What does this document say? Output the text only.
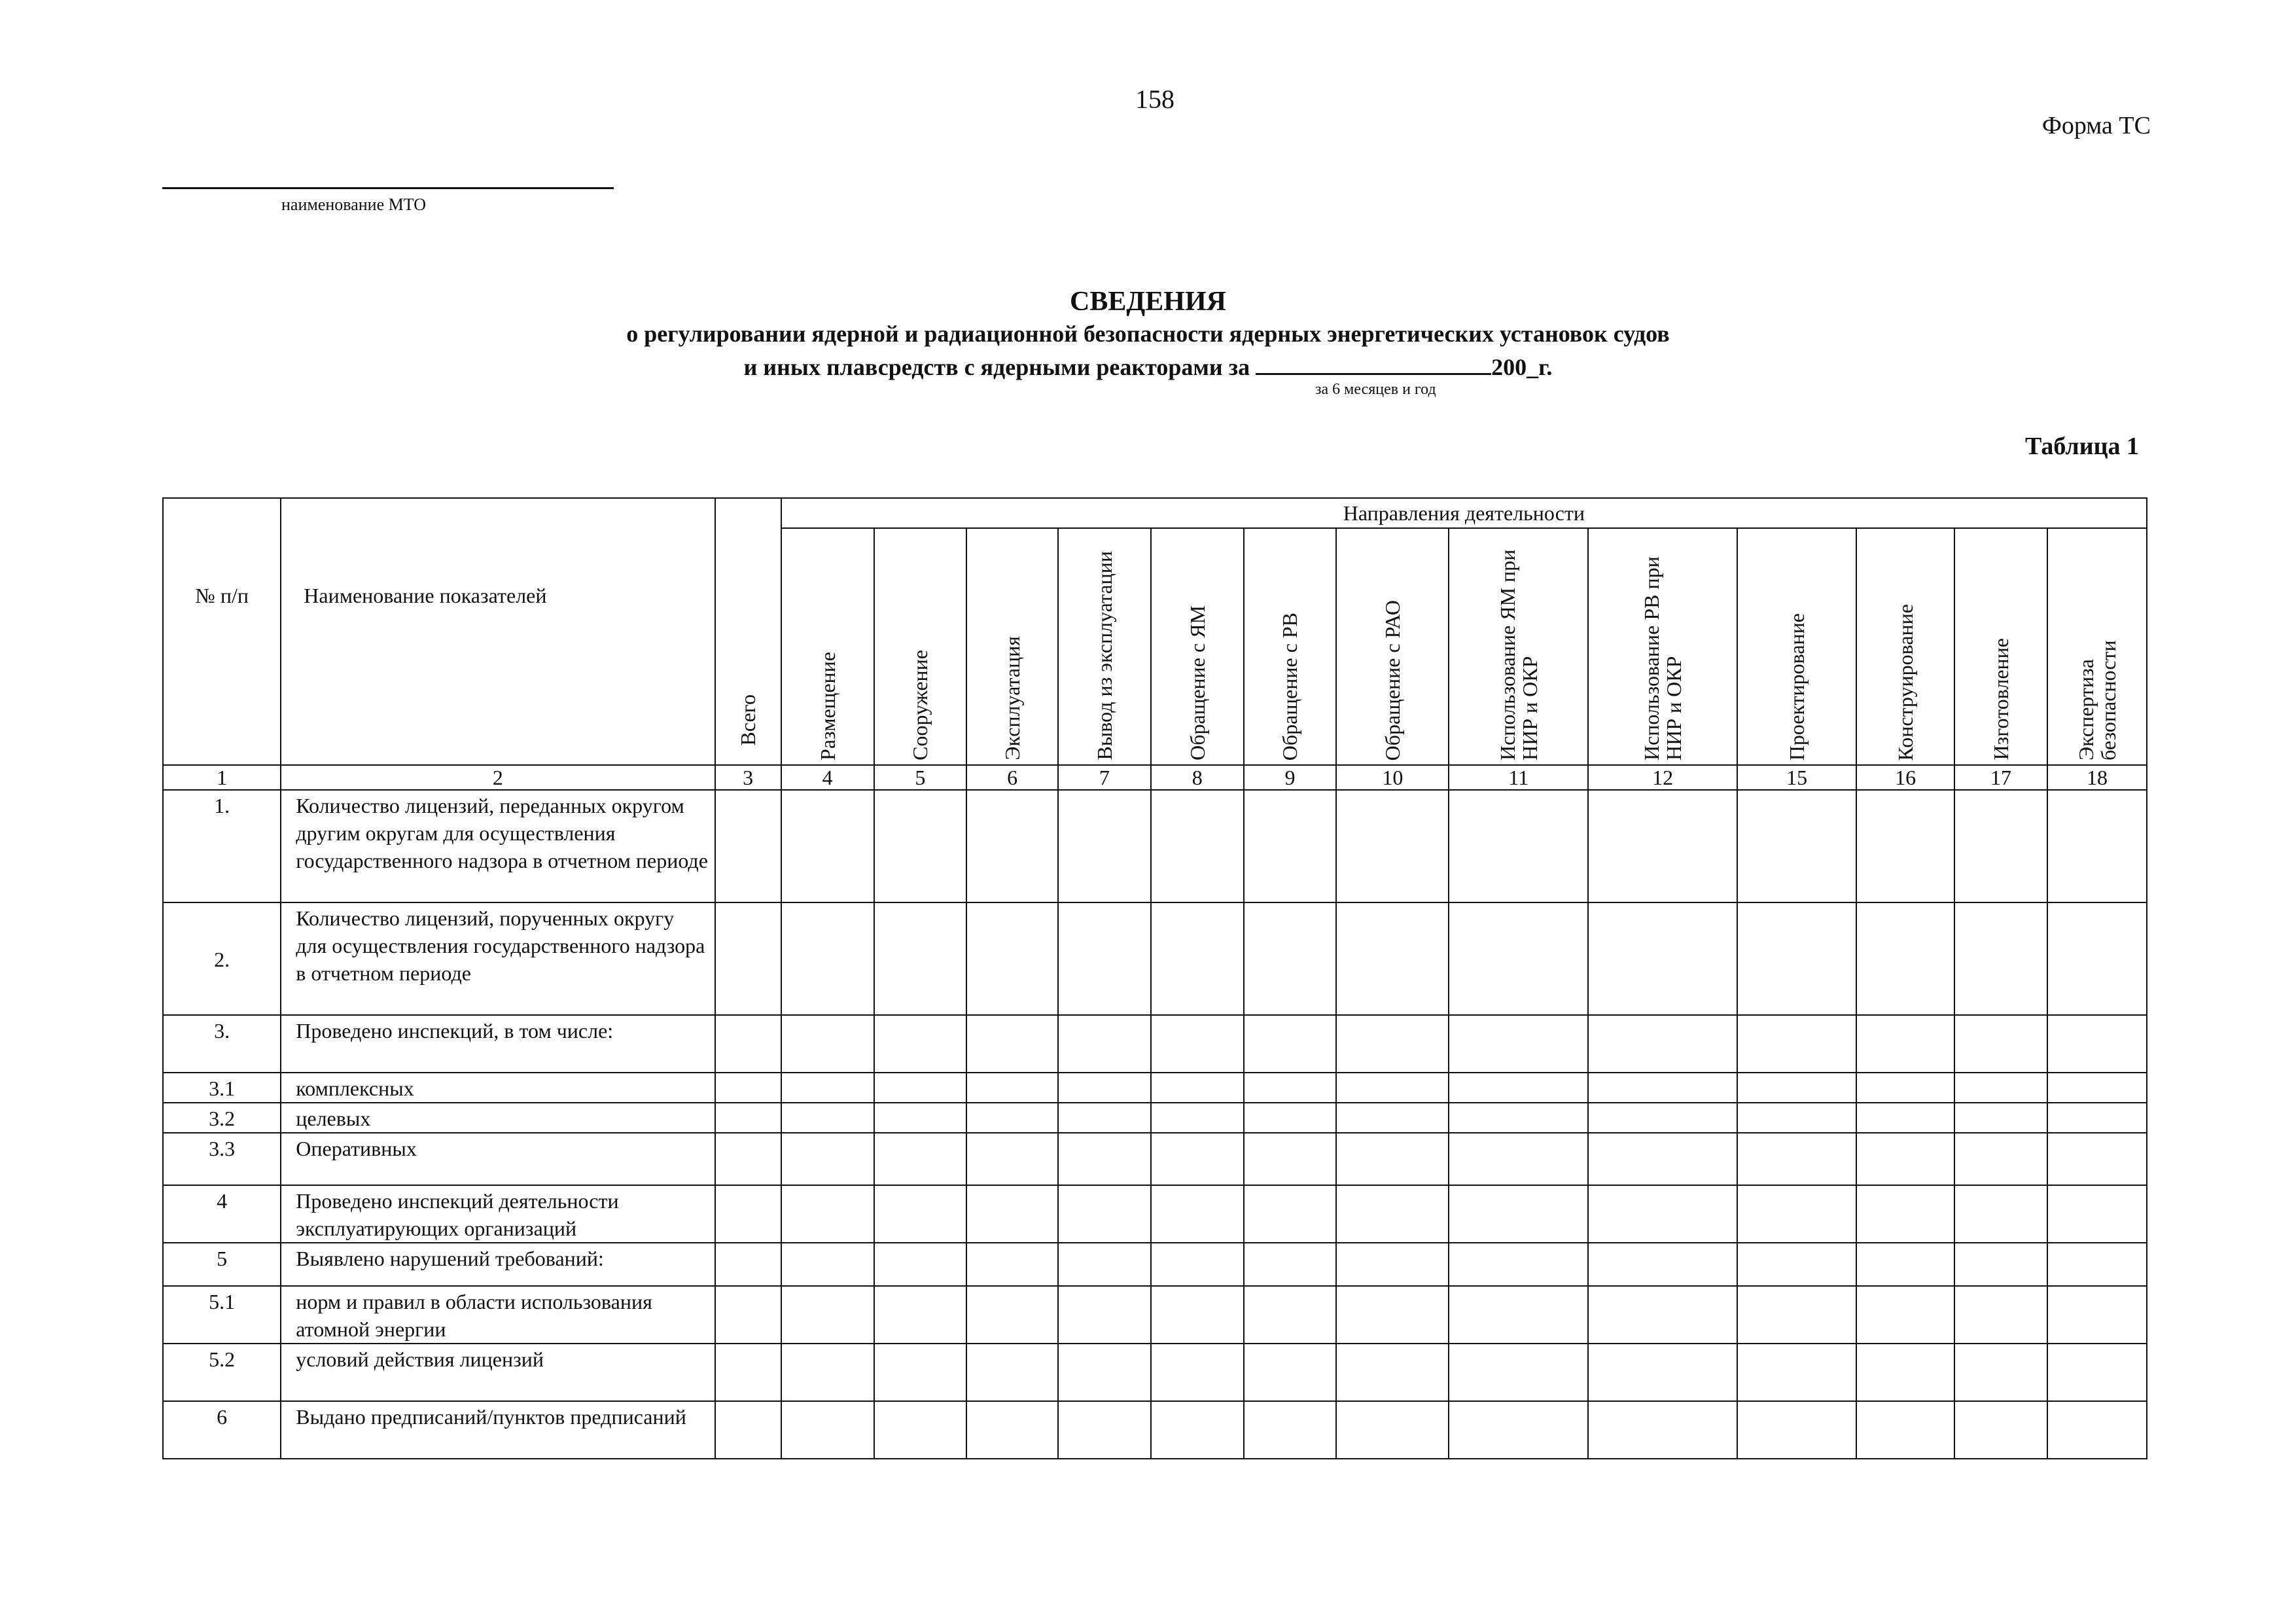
158
Форма ТС
наименование МТО
СВЕДЕНИЯ
о регулировании ядерной и радиационной безопасности ядерных энергетических установок судов
и иных плавсредств с ядерными реакторами за	200_г.
за 6 месяцев и год
Таблица 1
№ п/п	Наименование показателей	Всего	Направления деятельности												

			Размещение	Сооружение	Эксплуатация	Вывод из эксплуатации	Обращение с ЯМ	Обращение с РВ	Обращение с РАО	Использование ЯМ при НИР и ОКР	Использование РВ при НИР и ОКР	Проектирование	Конструирование	Изготовление	Экспертиза безопасности

1	2	3	4	5	6	7	8	9	10	11	12	15	16	17	18
1.	Количество лицензий, переданных округом другим округам для осуществления государственного надзора в отчетном периоде														
2.	Количество лицензий, порученных округу для осуществления государственного надзора в отчетном периоде														
3.	Проведено инспекций, в том числе:														
3.1	комплексных														
3.2	целевых														
3.3	Оперативных														
4	Проведено инспекций деятельности эксплуатирующих организаций														
5	Выявлено нарушений требований:														
5.1	норм и правил в области использования атомной энергии														
5.2	условий действия лицензий														
6	Выдано предписаний/пунктов предписаний														
